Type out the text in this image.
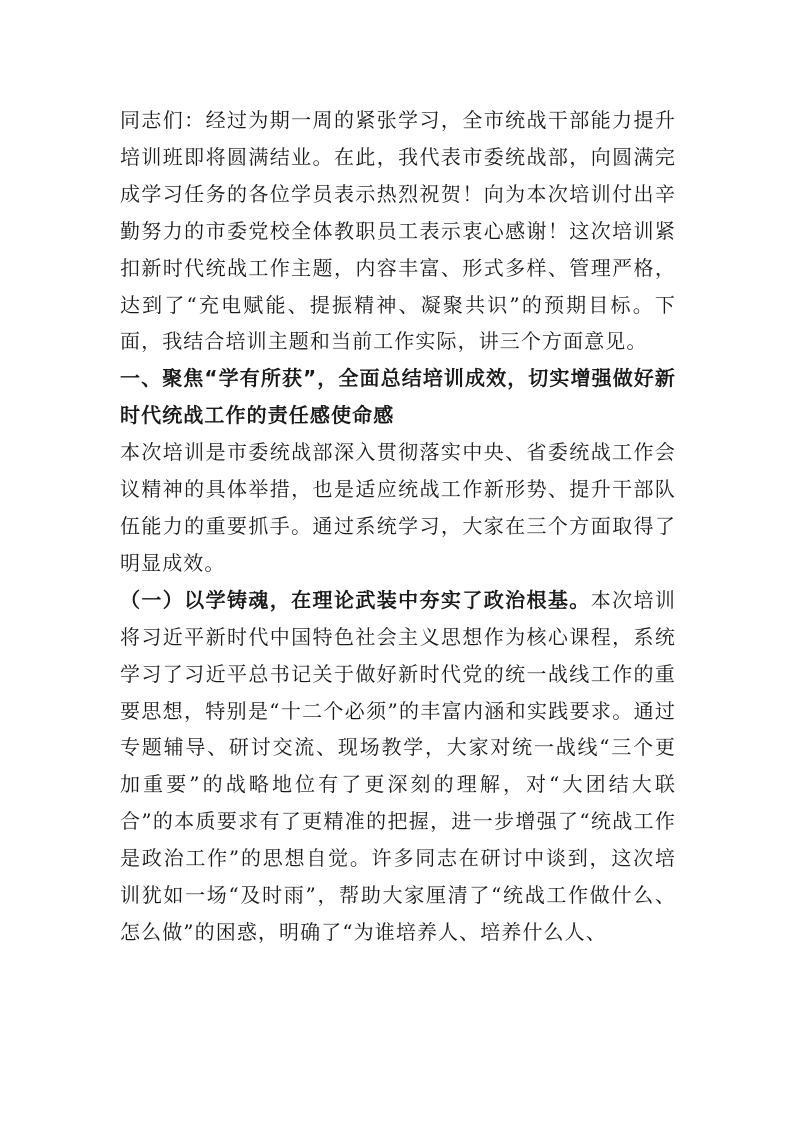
同志们：经过为期一周的紧张学习，全市统战干部能力提升培训班即将圆满结业。在此，我代表市委统战部，向圆满完成学习任务的各位学员表示热烈祝贺！向为本次培训付出辛勤努力的市委党校全体教职员工表示衷心感谢！这次培训紧扣新时代统战工作主题，内容丰富、形式多样、管理严格，达到了“充电赋能、提振精神、凝聚共识”的预期目标。下面，我结合培训主题和当前工作实际，讲三个方面意见。

一、聚焦“学有所获”，全面总结培训成效，切实增强做好新时代统战工作的责任感使命感

本次培训是市委统战部深入贯彻落实中央、省委统战工作会议精神的具体举措，也是适应统战工作新形势、提升干部队伍能力的重要抓手。通过系统学习，大家在三个方面取得了明显成效。

（一）以学铸魂，在理论武装中夯实了政治根基。本次培训将习近平新时代中国特色社会主义思想作为核心课程，系统学习了习近平总书记关于做好新时代党的统一战线工作的重要思想，特别是“十二个必须”的丰富内涵和实践要求。通过专题辅导、研讨交流、现场教学，大家对统一战线“三个更加重要”的战略地位有了更深刻的理解，对“大团结大联合”的本质要求有了更精准的把握，进一步增强了“统战工作是政治工作”的思想自觉。许多同志在研讨中谈到，这次培训犹如一场“及时雨”，帮助大家厘清了“统战工作做什么、怎么做”的困惑，明确了“为谁培养人、培养什么人、
